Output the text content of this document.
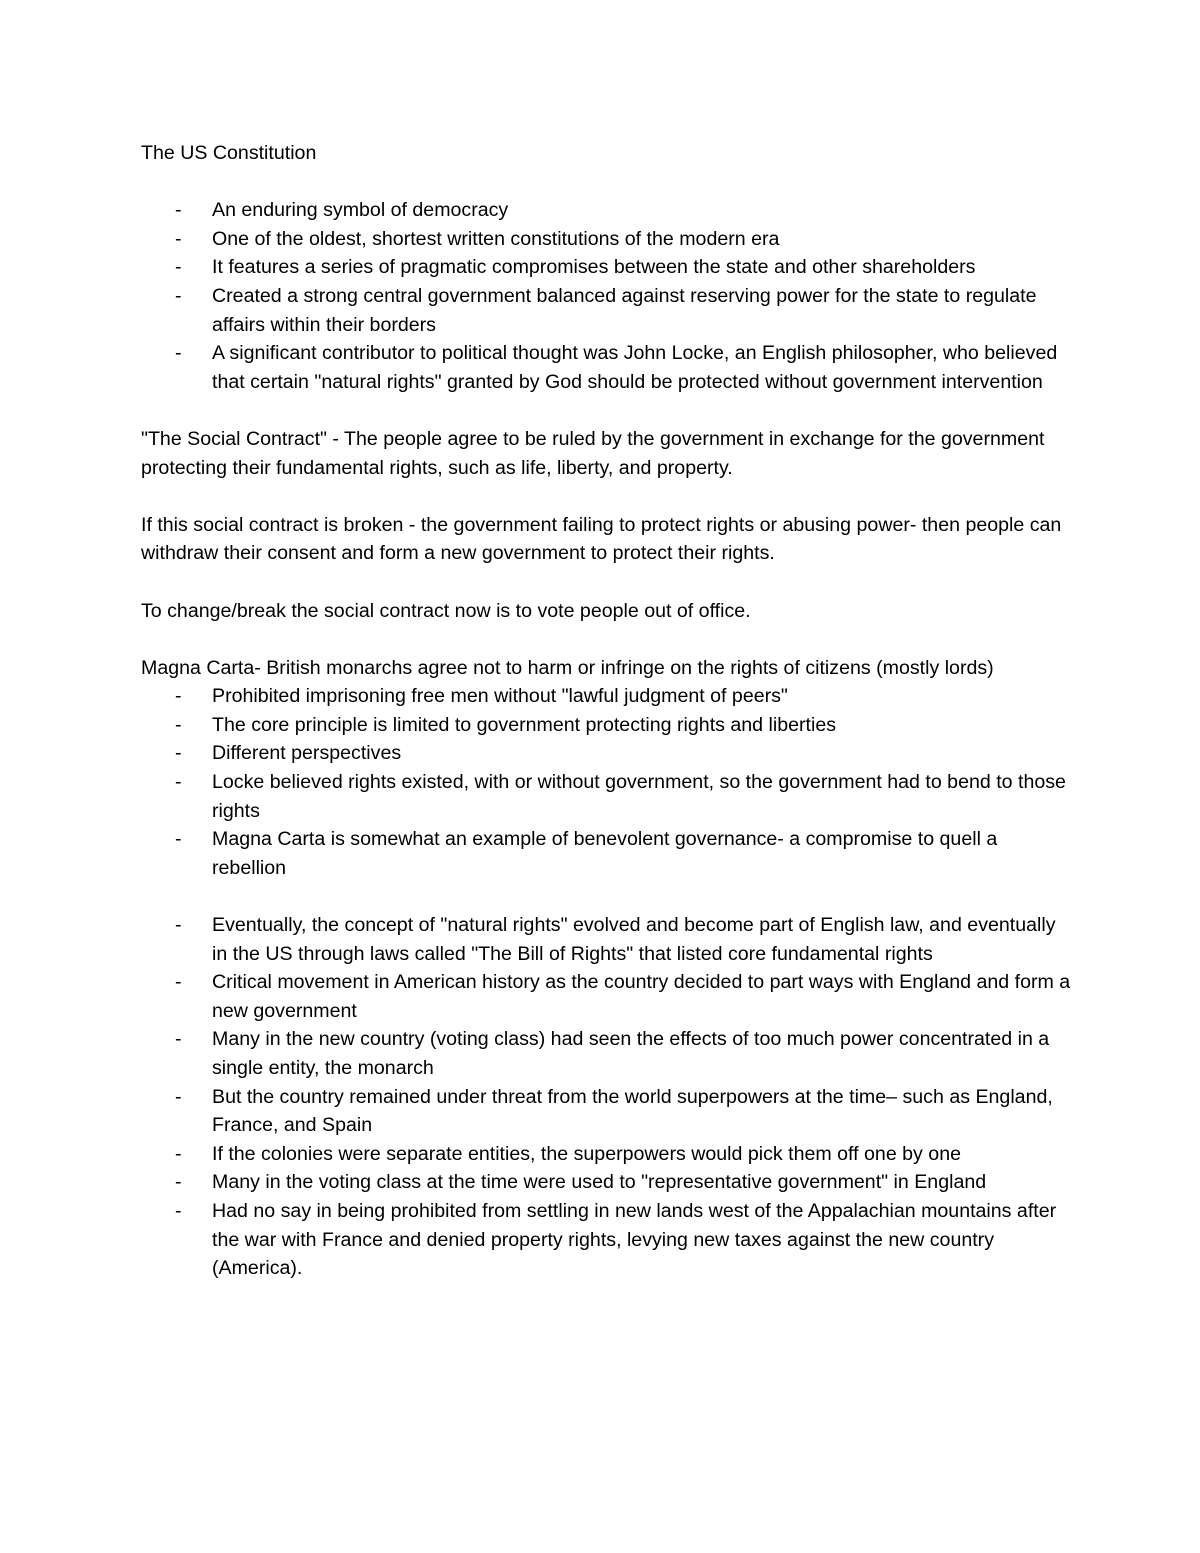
The US Constitution

- An enduring symbol of democracy
- One of the oldest, shortest written constitutions of the modern era
- It features a series of pragmatic compromises between the state and other shareholders
- Created a strong central government balanced against reserving power for the state to regulate affairs within their borders
- A significant contributor to political thought was John Locke, an English philosopher, who believed that certain "natural rights" granted by God should be protected without government intervention

"The Social Contract" - The people agree to be ruled by the government in exchange for the government protecting their fundamental rights, such as life, liberty, and property.

If this social contract is broken - the government failing to protect rights or abusing power- then people can withdraw their consent and form a new government to protect their rights.

To change/break the social contract now is to vote people out of office.

Magna Carta- British monarchs agree not to harm or infringe on the rights of citizens (mostly lords)

- Prohibited imprisoning free men without "lawful judgment of peers"
- The core principle is limited to government protecting rights and liberties
- Different perspectives
- Locke believed rights existed, with or without government, so the government had to bend to those rights
- Magna Carta is somewhat an example of benevolent governance- a compromise to quell a rebellion
- Eventually, the concept of "natural rights" evolved and become part of English law, and eventually in the US through laws called "The Bill of Rights" that listed core fundamental rights
- Critical movement in American history as the country decided to part ways with England and form a new government
- Many in the new country (voting class) had seen the effects of too much power concentrated in a single entity, the monarch
- But the country remained under threat from the world superpowers at the time– such as England, France, and Spain
- If the colonies were separate entities, the superpowers would pick them off one by one
- Many in the voting class at the time were used to "representative government" in England
- Had no say in being prohibited from settling in new lands west of the Appalachian mountains after the war with France and denied property rights, levying new taxes against the new country (America).
